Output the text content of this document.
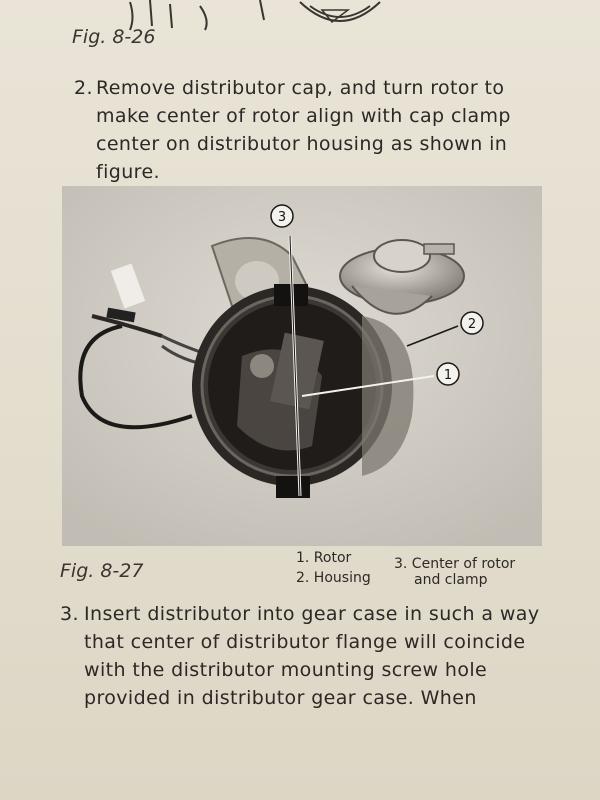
Fig. 8-26
2. Remove distributor cap, and turn rotor to
make center of rotor align with cap clamp
center on distributor housing as shown in
figure.
3
2
1
Fig. 8-27
1. Rotor
2. Housing
3. Center of rotor
and clamp
3. Insert distributor into gear case in such a way
that center of distributor flange will coincide
with the distributor mounting screw hole
provided in distributor gear case. When
